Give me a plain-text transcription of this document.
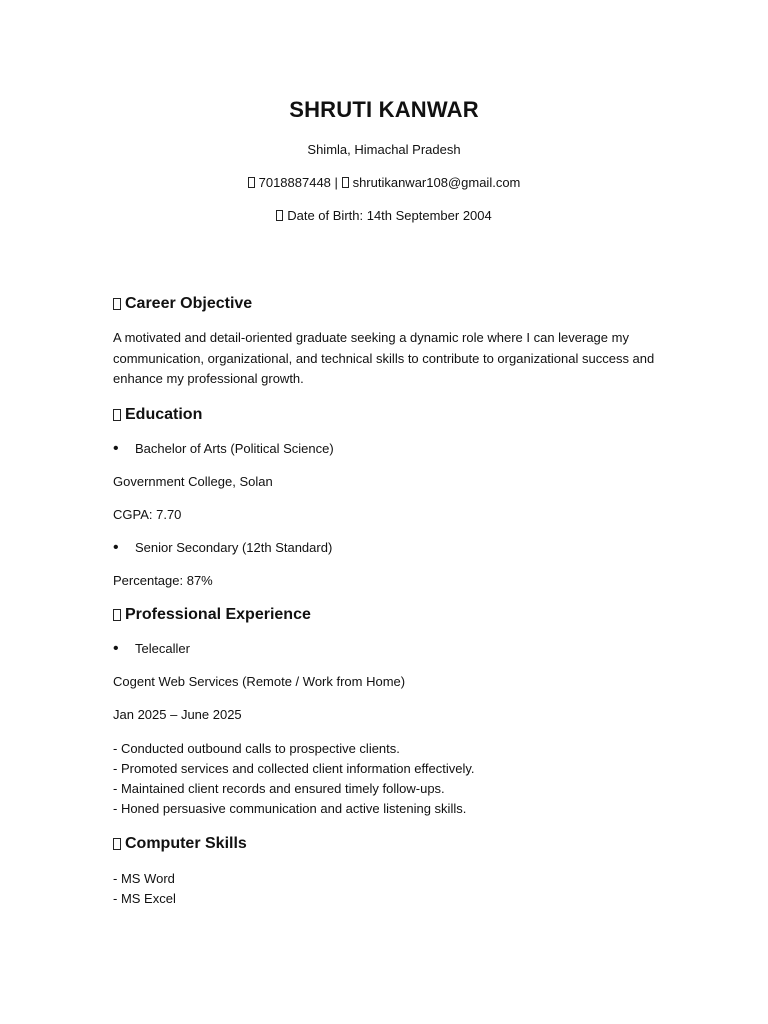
SHRUTI KANWAR

Shimla, Himachal Pradesh

7018887448 | shrutikanwar108@gmail.com

Date of Birth: 14th September 2004

Career Objective

A motivated and detail-oriented graduate seeking a dynamic role where I can leverage my communication, organizational, and technical skills to contribute to organizational success and enhance my professional growth.

Education
•	Bachelor of Arts (Political Science)

Government College, Solan

CGPA: 7.70

•	Senior Secondary (12th Standard)

Percentage: 87%

Professional Experience
•	Telecaller

Cogent Web Services (Remote / Work from Home)

Jan 2025 – June 2025

- Conducted outbound calls to prospective clients.

- Promoted services and collected client information effectively.

- Maintained client records and ensured timely follow-ups.

- Honed persuasive communication and active listening skills.

Computer Skills

- MS Word

- MS Excel
